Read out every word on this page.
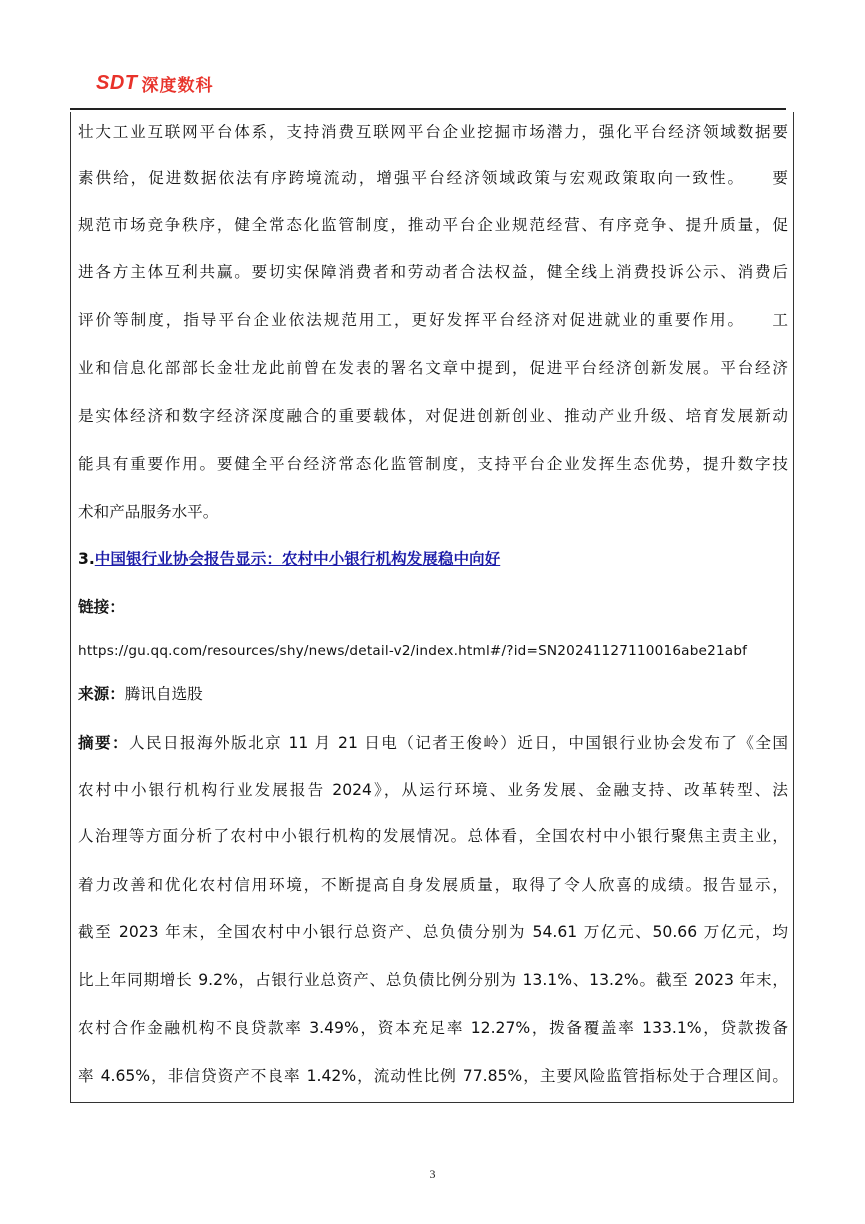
SDT 深度数科
壮大工业互联网平台体系，支持消费互联网平台企业挖掘市场潜力，强化平台经济领域数据要
素供给，促进数据依法有序跨境流动，增强平台经济领域政策与宏观政策取向一致性。　　要
规范市场竞争秩序，健全常态化监管制度，推动平台企业规范经营、有序竞争、提升质量，促
进各方主体互利共赢。要切实保障消费者和劳动者合法权益，健全线上消费投诉公示、消费后
评价等制度，指导平台企业依法规范用工，更好发挥平台经济对促进就业的重要作用。　　工
业和信息化部部长金壮龙此前曾在发表的署名文章中提到，促进平台经济创新发展。平台经济
是实体经济和数字经济深度融合的重要载体，对促进创新创业、推动产业升级、培育发展新动
能具有重要作用。要健全平台经济常态化监管制度，支持平台企业发挥生态优势，提升数字技
术和产品服务水平。
3.中国银行业协会报告显示：农村中小银行机构发展稳中向好
链接：
https://gu.qq.com/resources/shy/news/detail-v2/index.html#/?id=SN20241127110016abe21abf
来源：腾讯自选股
摘要：人民日报海外版北京 11 月 21 日电（记者王俊岭）近日，中国银行业协会发布了《全国
农村中小银行机构行业发展报告 2024》，从运行环境、业务发展、金融支持、改革转型、法
人治理等方面分析了农村中小银行机构的发展情况。总体看，全国农村中小银行聚焦主责主业，
着力改善和优化农村信用环境，不断提高自身发展质量，取得了令人欣喜的成绩。报告显示，
截至 2023 年末，全国农村中小银行总资产、总负债分别为 54.61 万亿元、50.66 万亿元，均
比上年同期增长 9.2%，占银行业总资产、总负债比例分别为 13.1%、13.2%。截至 2023 年末，
农村合作金融机构不良贷款率 3.49%，资本充足率 12.27%，拨备覆盖率 133.1%，贷款拨备
率 4.65%，非信贷资产不良率 1.42%，流动性比例 77.85%，主要风险监管指标处于合理区间。
3
